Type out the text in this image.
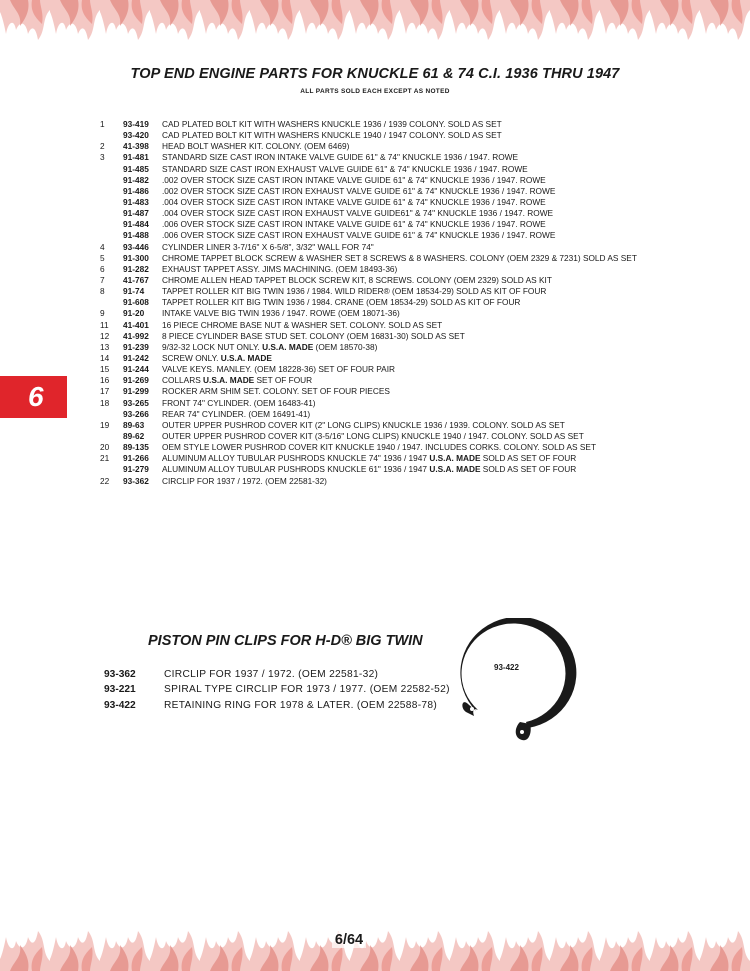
TOP END ENGINE PARTS FOR KNUCKLE 61 & 74 C.I. 1936 THRU 1947
ALL PARTS SOLD EACH EXCEPT AS NOTED
1 93-419 CAD PLATED BOLT KIT WITH WASHERS KNUCKLE 1936 / 1939 COLONY. SOLD AS SET
93-420 CAD PLATED BOLT KIT WITH WASHERS KNUCKLE 1940 / 1947 COLONY. SOLD AS SET
2 41-398 HEAD BOLT WASHER KIT. COLONY. (OEM 6469)
3 91-481 STANDARD SIZE CAST IRON INTAKE VALVE GUIDE 61" & 74" KNUCKLE 1936 / 1947. ROWE
91-485 STANDARD SIZE CAST IRON EXHAUST VALVE GUIDE 61" & 74" KNUCKLE 1936 / 1947. ROWE
91-482 .002 OVER STOCK SIZE CAST IRON INTAKE VALVE GUIDE 61" & 74" KNUCKLE 1936 / 1947. ROWE
91-486 .002 OVER STOCK SIZE CAST IRON EXHAUST VALVE GUIDE 61" & 74" KNUCKLE 1936 / 1947. ROWE
91-483 .004 OVER STOCK SIZE CAST IRON INTAKE VALVE GUIDE 61" & 74" KNUCKLE 1936 / 1947. ROWE
91-487 .004 OVER STOCK SIZE CAST IRON EXHAUST VALVE GUIDE61" & 74" KNUCKLE 1936 / 1947. ROWE
91-484 .006 OVER STOCK SIZE CAST IRON INTAKE VALVE GUIDE 61" & 74" KNUCKLE 1936 / 1947. ROWE
91-488 .006 OVER STOCK SIZE CAST IRON EXHAUST VALVE GUIDE 61" & 74" KNUCKLE 1936 / 1947. ROWE
4 93-446 CYLINDER LINER 3-7/16" X 6-5/8", 3/32" WALL FOR 74"
5 91-300 CHROME TAPPET BLOCK SCREW & WASHER SET 8 SCREWS & 8 WASHERS. COLONY (OEM 2329 & 7231) SOLD AS SET
6 91-282 EXHAUST TAPPET ASSY. JIMS MACHINING. (OEM 18493-36)
7 41-767 CHROME ALLEN HEAD TAPPET BLOCK SCREW KIT, 8 SCREWS. COLONY (OEM 2329) SOLD AS KIT
8 91-74 TAPPET ROLLER KIT BIG TWIN 1936 / 1984. WILD RIDER® (OEM 18534-29) SOLD AS KIT OF FOUR
91-608 TAPPET ROLLER KIT BIG TWIN 1936 / 1984. CRANE (OEM 18534-29) SOLD AS KIT OF FOUR
9 91-20 INTAKE VALVE BIG TWIN 1936 / 1947. ROWE (OEM 18071-36)
11 41-401 16 PIECE CHROME BASE NUT & WASHER SET. COLONY. SOLD AS SET
12 41-992 8 PIECE CYLINDER BASE STUD SET. COLONY (OEM 16831-30) SOLD AS SET
13 91-239 9/32-32 LOCK NUT ONLY. U.S.A. MADE (OEM 18570-38)
14 91-242 SCREW ONLY. U.S.A. MADE
15 91-244 VALVE KEYS. MANLEY. (OEM 18228-36) SET OF FOUR PAIR
16 91-269 COLLARS U.S.A. MADE SET OF FOUR
17 91-299 ROCKER ARM SHIM SET. COLONY. SET OF FOUR PIECES
18 93-265 FRONT 74" CYLINDER. (OEM 16483-41)
93-266 REAR 74" CYLINDER. (OEM 16491-41)
19 89-63 OUTER UPPER PUSHROD COVER KIT (2" LONG CLIPS) KNUCKLE 1936 / 1939. COLONY. SOLD AS SET
89-62 OUTER UPPER PUSHROD COVER KIT (3-5/16" LONG CLIPS) KNUCKLE 1940 / 1947. COLONY. SOLD AS SET
20 89-135 OEM STYLE LOWER PUSHROD COVER KIT KNUCKLE 1940 / 1947. INCLUDES CORKS. COLONY. SOLD AS SET
21 91-266 ALUMINUM ALLOY TUBULAR PUSHRODS KNUCKLE 74" 1936 / 1947 U.S.A. MADE SOLD AS SET OF FOUR
91-279 ALUMINUM ALLOY TUBULAR PUSHRODS KNUCKLE 61" 1936 / 1947 U.S.A. MADE SOLD AS SET OF FOUR
22 93-362 CIRCLIP FOR 1937 / 1972. (OEM 22581-32)
6
PISTON PIN CLIPS FOR H-D® BIG TWIN
93-362	CIRCLIP FOR 1937 / 1972. (OEM 22581-32)
93-221	SPIRAL TYPE CIRCLIP FOR 1973 / 1977. (OEM 22582-52)
93-422	RETAINING RING FOR 1978 & LATER. (OEM 22588-78)
93-422
6/64
